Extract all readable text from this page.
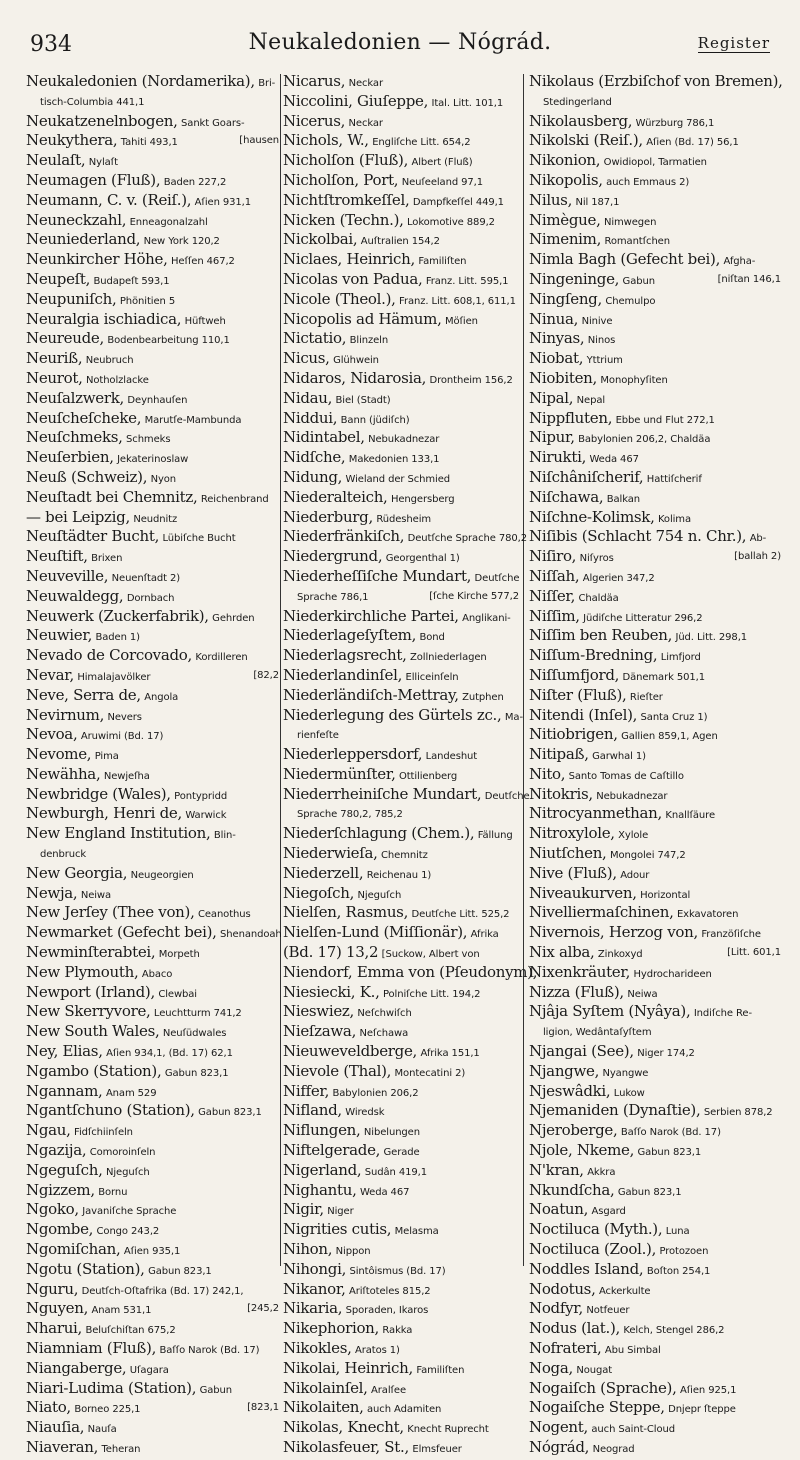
934	Neukaledonien — Nógrád.	Register
Neukaledonien (Nordamerika), Bri-
tisch-Columbia 441,1
Neukatzenelnbogen, Sankt Goars-
Neukythera, Tahiti 493,1	[hausen
Neulaſt, Nylaſt
Neumagen (Fluß), Baden 227,2
Neumann, C. v. (Reiſ.), Aſien 931,1
Neuneckzahl, Enneagonalzahl
Neuniederland, New York 120,2
Neunkircher Höhe, Heſſen 467,2
Neupeſt, Budapeſt 593,1
Neupuniſch, Phönitien 5
Neuralgia ischiadica, Hüftweh
Neureude, Bodenbearbeitung 110,1
Neuriß, Neubruch
Neurot, Notholzlacke
Neuſalzwerk, Deynhauſen
Neuſcheſcheke, Marutſe-Mambunda
Neuſchmeks, Schmeks
Neuſerbien, Jekaterinoslaw
Neuß (Schweiz), Nyon
Neuſtadt bei Chemnitz, Reichenbrand
— bei Leipzig, Neudnitz
Neuſtädter Bucht, Lübiſche Bucht
Neuſtift, Brixen
Neuveville, Neuenſtadt 2)
Neuwaldegg, Dornbach
Neuwerk (Zuckerfabrik), Gehrden
Neuwier, Baden 1)
Nevado de Corcovado, Kordilleren
Nevar, Himalajavölker	[82,2
Neve, Serra de, Angola
Nevirnum, Nevers
Nevoa, Aruwimi (Bd. 17)
Nevome, Pima
Newähha, Newjeſha
Newbridge (Wales), Pontypridd
Newburgh, Henri de, Warwick
New England Institution, Blin-
denbruck
New Georgia, Neugeorgien
Newja, Neiwa
New Jerſey (Thee von), Ceanothus
Newmarket (Gefecht bei), Shenandoah
Newminſterabtei, Morpeth
New Plymouth, Abaco
Newport (Irland), Clewbai
New Skerryvore, Leuchtturm 741,2
New South Wales, Neuſüdwales
Ney, Elias, Aſien 934,1, (Bd. 17) 62,1
Ngambo (Station), Gabun 823,1
Ngannam, Anam 529
Ngantſchuno (Station), Gabun 823,1
Ngau, Fidſchiinſeln
Ngazija, Comoroinſeln
Ngeguſch, Njeguſch
Ngizzem, Bornu
Ngoko, Javaniſche Sprache
Ngombe, Congo 243,2
Ngomiſchan, Aſien 935,1
Ngotu (Station), Gabun 823,1
Nguru, Deutſch-Oſtafrika (Bd. 17) 242,1,
Nguyen, Anam 531,1	[245,2
Nharui, Beluſchiſtan 675,2
Niamniam (Fluß), Baſſo Narok (Bd. 17)
Niangaberge, Uſagara
Niari-Ludima (Station), Gabun
Niato, Borneo 225,1	[823,1
Niauſia, Nauſa
Niaveran, Teheran
Nicarus, Neckar
Niccolini, Giuſeppe, Ital. Litt. 101,1
Nicerus, Neckar
Nichols, W., Engliſche Litt. 654,2
Nicholſon (Fluß), Albert (Fluß)
Nicholſon, Port, Neuſeeland 97,1
Nichtſtromkeſſel, Dampfkeſſel 449,1
Nicken (Techn.), Lokomotive 889,2
Nickolbai, Auſtralien 154,2
Niclaes, Heinrich, Familiſten
Nicolas von Padua, Franz. Litt. 595,1
Nicole (Theol.), Franz. Litt. 608,1, 611,1
Nicopolis ad Hämum, Möſien
Nictatio, Blinzeln
Nicus, Glühwein
Nidaros, Nidarosia, Drontheim 156,2
Nidau, Biel (Stadt)
Niddui, Bann (jüdiſch)
Nidintabel, Nebukadnezar
Nidſche, Makedonien 133,1
Nidung, Wieland der Schmied
Niederalteich, Hengersberg
Niederburg, Rüdesheim
Niederfränkiſch, Deutſche Sprache 780,2
Niedergrund, Georgenthal 1)
Niederheſſiſche Mundart, Deutſche
Sprache 786,1	[ſche Kirche 577,2
Niederkirchliche Partei, Anglikani-
Niederlageſyſtem, Bond
Niederlagsrecht, Zollniederlagen
Niederlandinſel, Elliceinſeln
Niederländiſch-Mettray, Zutphen
Niederlegung des Gürtels zc., Ma-
rienfeſte
Niederleppersdorf, Landeshut
Niedermünſter, Ottilienberg
Niederrheiniſche Mundart, Deutſche
Sprache 780,2, 785,2
Niederſchlagung (Chem.), Fällung
Niederwieſa, Chemnitz
Niederzell, Reichenau 1)
Niegoſch, Njeguſch
Nielſen, Rasmus, Deutſche Litt. 525,2
Nielſen-Lund (Miſſionär), Afrika
(Bd. 17) 13,2 [Suckow, Albert von
Niendorf, Emma von (Pſeudonym),
Niesiecki, K., Polniſche Litt. 194,2
Nieswiez, Neſchwiſch
Nieſzawa, Neſchawa
Nieuweveldberge, Afrika 151,1
Nievole (Thal), Montecatini 2)
Niffer, Babylonien 206,2
Nifland, Wiredsk
Niflungen, Nibelungen
Niftelgerade, Gerade
Nigerland, Sudân 419,1
Nighantu, Weda 467
Nigir, Niger
Nigrities cutis, Melasma
Nihon, Nippon
Nihongi, Sintôismus (Bd. 17)
Nikanor, Ariſtoteles 815,2
Nikaria, Sporaden, Ikaros
Nikephorion, Rakka
Nikokles, Aratos 1)
Nikolai, Heinrich, Familiſten
Nikolainſel, Aralſee
Nikolaiten, auch Adamiten
Nikolas, Knecht, Knecht Ruprecht
Nikolasfeuer, St., Elmsfeuer
Nikolaus (Erzbiſchof von Bremen),
Stedingerland
Nikolausberg, Würzburg 786,1
Nikolski (Reiſ.), Aſien (Bd. 17) 56,1
Nikonion, Owidiopol, Tarmatien
Nikopolis, auch Emmaus 2)
Nilus, Nil 187,1
Nimègue, Nimwegen
Nimenim, Romantſchen
Nimla Bagh (Gefecht bei), Afgha-
Ningeninge, Gabun	[niſtan 146,1
Ningſeng, Chemulpo
Ninua, Ninive
Ninyas, Ninos
Niobat, Yttrium
Niobiten, Monophyſiten
Nipal, Nepal
Nippfluten, Ebbe und Flut 272,1
Nipur, Babylonien 206,2, Chaldäa
Nirukti, Weda 467
Niſchâniſcherif, Hattiſcherif
Niſchawa, Balkan
Niſchne-Kolimsk, Kolima
Niſibis (Schlacht 754 n. Chr.), Ab-
Niſiro, Niſyros	[ballah 2)
Niſſah, Algerien 347,2
Niſſer, Chaldäa
Niſſim, Jüdiſche Litteratur 296,2
Niſſim ben Reuben, Jüd. Litt. 298,1
Niſſum-Bredning, Limfjord
Niſſumfjord, Dänemark 501,1
Niſter (Fluß), Rieſter
Nitendi (Inſel), Santa Cruz 1)
Nitiobrigen, Gallien 859,1, Agen
Nitipaß, Garwhal 1)
Nito, Santo Tomas de Caſtillo
Nitokris, Nebukadnezar
Nitrocyanmethan, Knallſäure
Nitroxylole, Xylole
Niutſchen, Mongolei 747,2
Nive (Fluß), Adour
Niveaukurven, Horizontal
Nivelliermaſchinen, Exkavatoren
Nivernois, Herzog von, Franzöſiſche
Nix alba, Zinkoxyd	[Litt. 601,1
Nixenkräuter, Hydrocharideen
Nizza (Fluß), Neiwa
Njâja Syſtem (Nyâya), Indiſche Re-
ligion, Wedântaſyſtem
Njangai (See), Niger 174,2
Njangwe, Nyangwe
Njeswâdki, Lukow
Njemaniden (Dynaſtie), Serbien 878,2
Njeroberge, Baſſo Narok (Bd. 17)
Njole, Nkeme, Gabun 823,1
N'kran, Akkra
Nkundſcha, Gabun 823,1
Noatun, Asgard
Noctiluca (Myth.), Luna
Noctiluca (Zool.), Protozoen
Noddles Island, Boſton 254,1
Nodotus, Ackerkulte
Nodfyr, Notfeuer
Nodus (lat.), Kelch, Stengel 286,2
Nofrateri, Abu Simbal
Noga, Nougat
Nogaiſch (Sprache), Aſien 925,1
Nogaiſche Steppe, Dnjepr ſteppe
Nogent, auch Saint-Cloud
Nógrád, Neograd
